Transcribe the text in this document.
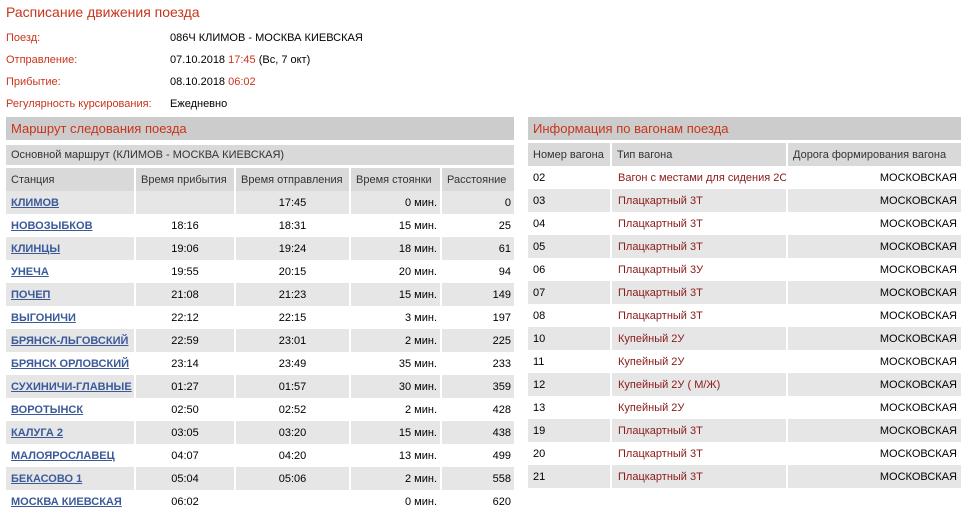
Расписание движения поезда
Поезд:	086Ч КЛИМОВ - МОСКВА КИЕВСКАЯ
Отправление:	07.10.2018 17:45 (Вс, 7 окт)
Прибытие:	08.10.2018 06:02
Регулярность курсирования: Ежедневно
Маршрут следования поезда
Основной маршрут (КЛИМОВ - МОСКВА КИЕВСКАЯ)
Станция	Время прибытия	Время отправления	Время стоянки	Расстояние
КЛИМОВ		17:45	0 мин.	0
НОВОЗЫБКОВ	18:16	18:31	15 мин.	25
КЛИНЦЫ	19:06	19:24	18 мин.	61
УНЕЧА	19:55	20:15	20 мин.	94
ПОЧЕП	21:08	21:23	15 мин.	149
ВЫГОНИЧИ	22:12	22:15	3 мин.	197
БРЯНСК-ЛЬГОВСКИЙ	22:59	23:01	2 мин.	225
БРЯНСК ОРЛОВСКИЙ	23:14	23:49	35 мин.	233
СУХИНИЧИ-ГЛАВНЫЕ	01:27	01:57	30 мин.	359
ВОРОТЫНСК	02:50	02:52	2 мин.	428
КАЛУГА 2	03:05	03:20	15 мин.	438
МАЛОЯРОСЛАВЕЦ	04:07	04:20	13 мин.	499
БЕКАСОВО 1	05:04	05:06	2 мин.	558
МОСКВА КИЕВСКАЯ	06:02		0 мин.	620
Информация по вагонам поезда
Номер вагона	Тип вагона	Дорога формирования вагона
02	Вагон с местами для сидения 2С	МОСКОВСКАЯ
03	Плацкартный 3Т	МОСКОВСКАЯ
04	Плацкартный 3Т	МОСКОВСКАЯ
05	Плацкартный 3Т	МОСКОВСКАЯ
06	Плацкартный 3У	МОСКОВСКАЯ
07	Плацкартный 3Т	МОСКОВСКАЯ
08	Плацкартный 3Т	МОСКОВСКАЯ
10	Купейный 2У	МОСКОВСКАЯ
11	Купейный 2У	МОСКОВСКАЯ
12	Купейный 2У ( М/Ж)	МОСКОВСКАЯ
13	Купейный 2У	МОСКОВСКАЯ
19	Плацкартный 3Т	МОСКОВСКАЯ
20	Плацкартный 3Т	МОСКОВСКАЯ
21	Плацкартный 3Т	МОСКОВСКАЯ
